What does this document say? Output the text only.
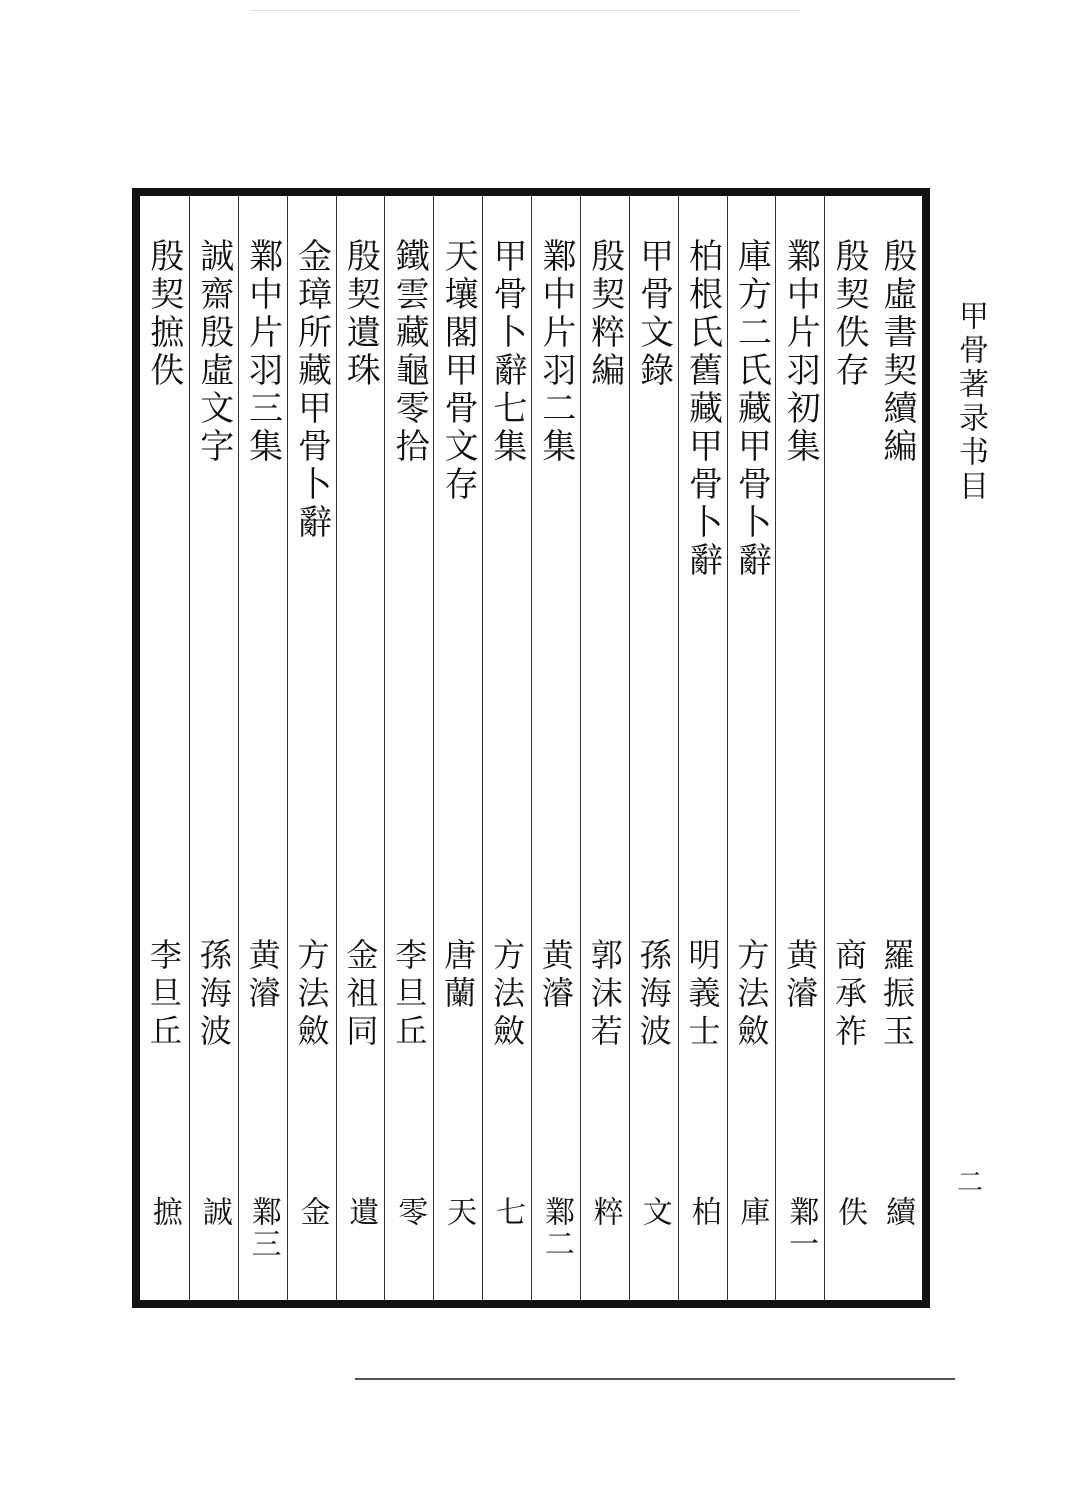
甲骨著录书目
殷虛書契續編
羅振玉
續
殷契佚存
商承祚
佚
鄴中片羽初集
黄濬
鄴一
庫方二氏藏甲骨卜辭
方法斂
庫
柏根氏舊藏甲骨卜辭
明義士
柏
甲骨文錄
孫海波
文
殷契粹編
郭沫若
粹
鄴中片羽二集
黄濬
鄴二
甲骨卜辭七集
方法斂
七
天壤閣甲骨文存
唐蘭
天
鐵雲藏龜零拾
李旦丘
零
殷契遺珠
金祖同
遺
金璋所藏甲骨卜辭
方法斂
金
鄴中片羽三集
黄濬
鄴三
誠齋殷虛文字
孫海波
誠
殷契摭佚
李旦丘
摭
二
